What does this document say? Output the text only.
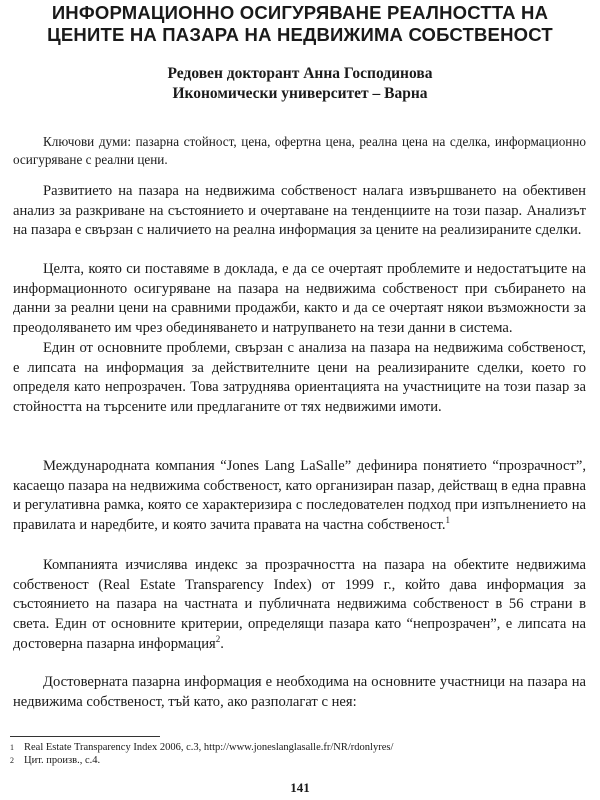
ИНФОРМАЦИОННО ОСИГУРЯВАНЕ РЕАЛНОСТТА НА
ЦЕНИТЕ НА ПАЗАРА НА НЕДВИЖИМА СОБСТВЕНОСТ
Редовен докторант Анна Господинова
Икономически университет – Варна

Ключови думи: пазарна стойност, цена, офертна цена, реална цена на сделка, информационно осигуряване с реални цени.

Развитието на пазара на недвижима собственост налага извършването на обективен анализ за разкриване на състоянието и очертаване на тенденциите на този пазар. Анализът на пазара е свързан с наличието на реална информация за цените на реализираните сделки.

Целта, която си поставяме в доклада, е да се очертаят проблемите и недостатъците на информационното осигуряване на пазара на недвижима собственост при събирането на данни за реални цени на сравними продажби, както и да се очертаят някои възможности за преодоляването им чрез обединяването и натрупването на тези данни в система.

Един от основните проблеми, свързан с анализа на пазара на недвижима собственост, е липсата на информация за действителните цени на реализираните сделки, което го определя като непрозрачен. Това затруднява ориентацията на участниците на този пазар за стойността на търсените или предлаганите от тях недвижими имоти.

Международната компания “Jones Lang LaSalle” дефинира понятието “прозрачност”, касаещо пазара на недвижима собственост, като организиран пазар, действащ в една правна и регулативна рамка, която се характеризира с последователен подход при изпълнението на правилата и наредбите, и която зачита правата на частна собственост.$^1$

Компанията изчислява индекс за прозрачността на пазара на обектите недвижима собственост (Real Estate Transparency Index) от 1999 г., който дава информация за състоянието на пазара на частната и публичната недвижима собственост в 56 страни в света. Един от основните критерии, определящи пазара като “непрозрачен”, е липсата на достоверна пазарна информация$^2$.

Достоверната пазарна информация е необходима на основните участници на пазара на недвижима собственост, тъй като, ако разполагат с нея:

1 Real Estate Transparency Index 2006, с.3, http://www.joneslanglasalle.fr/NR/rdonlyres/
2 Цит. произв., с.4.
141
